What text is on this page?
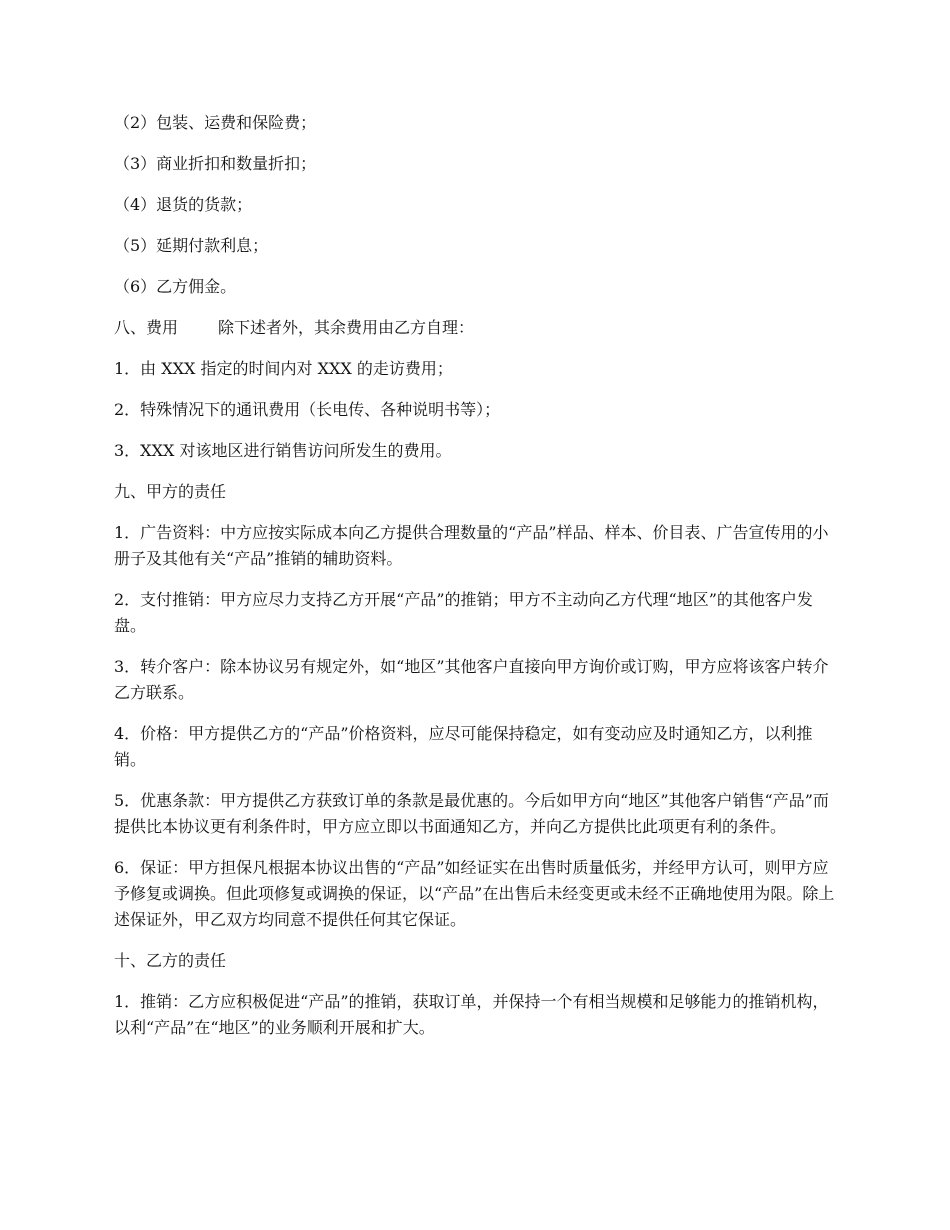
（2）包装、运费和保险费；

（3）商业折扣和数量折扣；

（4）退货的货款；

（5）延期付款利息；

（6）乙方佣金。

八、费用	除下述者外，其余费用由乙方自理：

1．由 XXX 指定的时间内对 XXX 的走访费用；

2．特殊情况下的通讯费用（长电传、各种说明书等）；

3．XXX 对该地区进行销售访问所发生的费用。

九、甲方的责任

1．广告资料：中方应按实际成本向乙方提供合理数量的“产品”样品、样本、价目表、广告宣传用的小册子及其他有关“产品”推销的辅助资料。

2．支付推销：甲方应尽力支持乙方开展“产品”的推销；甲方不主动向乙方代理“地区”的其他客户发盘。

3．转介客户：除本协议另有规定外，如“地区”其他客户直接向甲方询价或订购，甲方应将该客户转介乙方联系。

4．价格：甲方提供乙方的“产品”价格资料，应尽可能保持稳定，如有变动应及时通知乙方，以利推销。

5．优惠条款：甲方提供乙方获致订单的条款是最优惠的。今后如甲方向“地区”其他客户销售“产品”而提供比本协议更有利条件时，甲方应立即以书面通知乙方，并向乙方提供比此项更有利的条件。

6．保证：甲方担保凡根据本协议出售的“产品”如经证实在出售时质量低劣，并经甲方认可，则甲方应予修复或调换。但此项修复或调换的保证，以“产品”在出售后未经变更或未经不正确地使用为限。除上述保证外，甲乙双方均同意不提供任何其它保证。

十、乙方的责任

1．推销：乙方应积极促进“产品”的推销，获取订单，并保持一个有相当规模和足够能力的推销机构，以利“产品”在“地区”的业务顺利开展和扩大。
